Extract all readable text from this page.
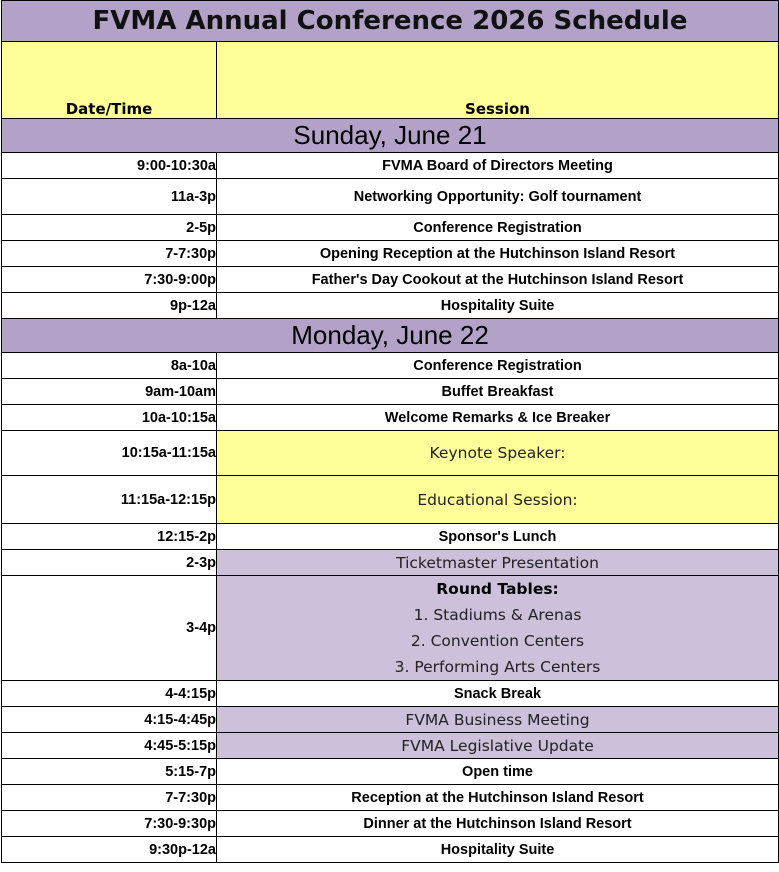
FVMA Annual Conference 2026 Schedule	
Date/Time	Session
Sunday, June 21	
9:00-10:30a	FVMA Board of Directors Meeting
11a-3p	Networking Opportunity: Golf tournament
2-5p	Conference Registration
7-7:30p	Opening Reception at the Hutchinson Island Resort
7:30-9:00p	Father's Day Cookout at the Hutchinson Island Resort
9p-12a	Hospitality Suite
Monday, June 22	
8a-10a	Conference Registration
9am-10am	Buffet Breakfast
10a-10:15a	Welcome Remarks & Ice Breaker
10:15a-11:15a	Keynote Speaker:
11:15a-12:15p	Educational Session:
12:15-2p	Sponsor's Lunch
2-3p	Ticketmaster Presentation
3-4p	Round Tables:
1. Stadiums & Arenas
2. Convention Centers
3. Performing Arts Centers

4-4:15p	Snack Break
4:15-4:45p	FVMA Business Meeting
4:45-5:15p	FVMA Legislative Update
5:15-7p	Open time
7-7:30p	Reception at the Hutchinson Island Resort
7:30-9:30p	Dinner at the Hutchinson Island Resort
9:30p-12a	Hospitality Suite
